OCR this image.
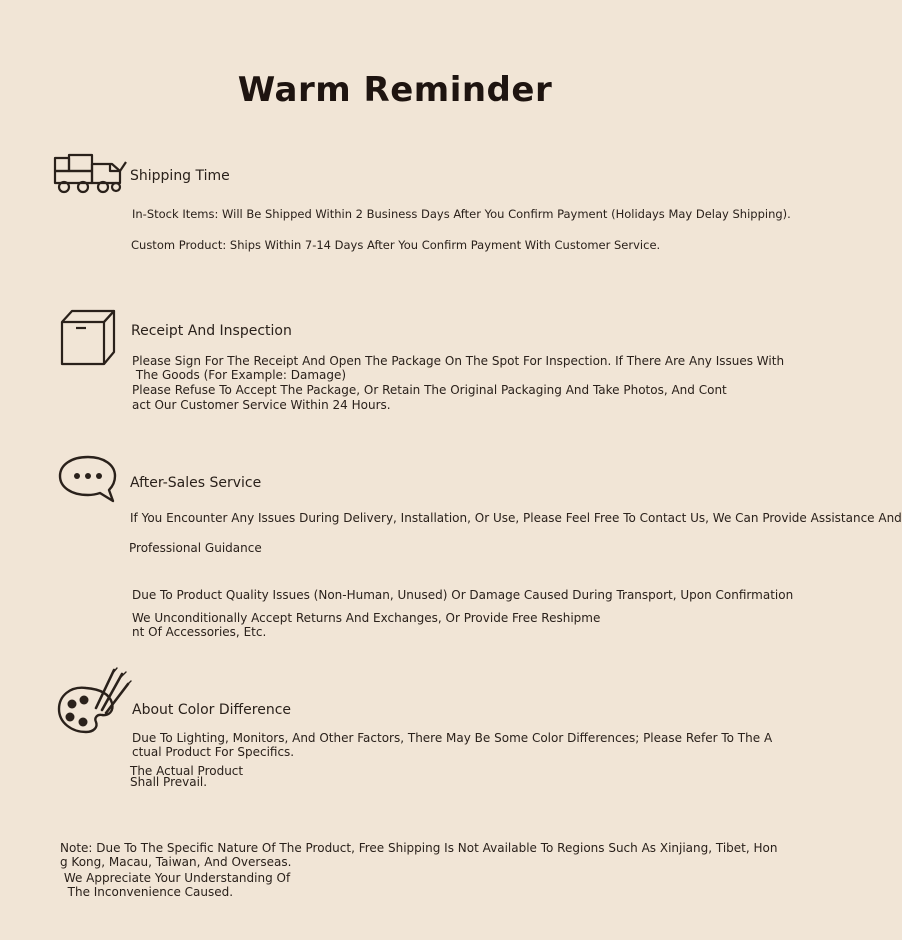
Warm Reminder
Shipping Time
In-Stock Items: Will Be Shipped Within 2 Business Days After You Confirm Payment (Holidays May Delay Shipping).
Custom Product: Ships Within 7-14 Days After You Confirm Payment With Customer Service.
Receipt And Inspection
Please Sign For The Receipt And Open The Package On The Spot For Inspection. If There Are Any Issues With
The Goods (For Example: Damage)
Please Refuse To Accept The Package, Or Retain The Original Packaging And Take Photos, And Cont
act Our Customer Service Within 24 Hours.
After-Sales Service
If You Encounter Any Issues During Delivery, Installation, Or Use, Please Feel Free To Contact Us, We Can Provide Assistance And
Professional Guidance
Due To Product Quality Issues (Non-Human, Unused) Or Damage Caused During Transport, Upon Confirmation
We Unconditionally Accept Returns And Exchanges, Or Provide Free Reshipme
nt Of Accessories, Etc.
About Color Difference
Due To Lighting, Monitors, And Other Factors, There May Be Some Color Differences; Please Refer To The A
ctual Product For Specifics.
The Actual Product
Shall Prevail.
Note: Due To The Specific Nature Of The Product, Free Shipping Is Not Available To Regions Such As Xinjiang, Tibet, Hon
g Kong, Macau, Taiwan, And Overseas.
We Appreciate Your Understanding Of
The Inconvenience Caused.
